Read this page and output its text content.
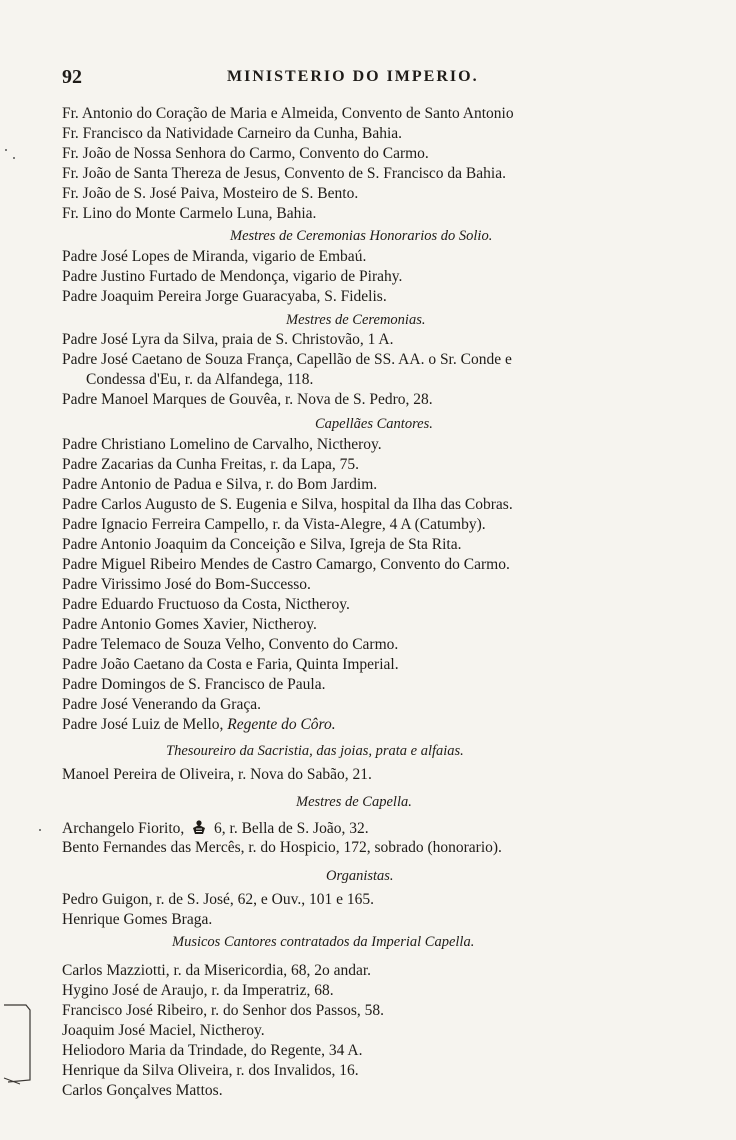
92	MINISTERIO DO IMPERIO.
Fr. Antonio do Coração de Maria e Almeida, Convento de Santo Antonio
Fr. Francisco da Natividade Carneiro da Cunha, Bahia.
Fr. João de Nossa Senhora do Carmo, Convento do Carmo.
Fr. João de Santa Thereza de Jesus, Convento de S. Francisco da Bahia.
Fr. João de S. José Paiva, Mosteiro de S. Bento.
Fr. Lino do Monte Carmelo Luna, Bahia.
Mestres de Ceremonias Honorarios do Solio.
Padre José Lopes de Miranda, vigario de Embaú.
Padre Justino Furtado de Mendonça, vigario de Pirahy.
Padre Joaquim Pereira Jorge Guaracyaba, S. Fidelis.
Mestres de Ceremonias.
Padre José Lyra da Silva, praia de S. Christovão, 1 A.
Padre José Caetano de Souza França, Capellão de SS. AA. o Sr. Conde e
Condessa d'Eu, r. da Alfandega, 118.
Padre Manoel Marques de Gouvêa, r. Nova de S. Pedro, 28.
Capellães Cantores.
Padre Christiano Lomelino de Carvalho, Nictheroy.
Padre Zacarias da Cunha Freitas, r. da Lapa, 75.
Padre Antonio de Padua e Silva, r. do Bom Jardim.
Padre Carlos Augusto de S. Eugenia e Silva, hospital da Ilha das Cobras.
Padre Ignacio Ferreira Campello, r. da Vista-Alegre, 4 A (Catumby).
Padre Antonio Joaquim da Conceição e Silva, Igreja de Sta Rita.
Padre Miguel Ribeiro Mendes de Castro Camargo, Convento do Carmo.
Padre Virissimo José do Bom-Successo.
Padre Eduardo Fructuoso da Costa, Nictheroy.
Padre Antonio Gomes Xavier, Nictheroy.
Padre Telemaco de Souza Velho, Convento do Carmo.
Padre João Caetano da Costa e Faria, Quinta Imperial.
Padre Domingos de S. Francisco de Paula.
Padre José Venerando da Graça.
Padre José Luiz de Mello, Regente do Côro.
Thesoureiro da Sacristia, das joias, prata e alfaias.
Manoel Pereira de Oliveira, r. Nova do Sabão, 21.
Mestres de Capella.
Archangelo Fiorito, 6, r. Bella de S. João, 32.
Bento Fernandes das Mercês, r. do Hospicio, 172, sobrado (honorario).
Organistas.
Pedro Guigon, r. de S. José, 62, e Ouv., 101 e 165.
Henrique Gomes Braga.
Musicos Cantores contratados da Imperial Capella.
Carlos Mazziotti, r. da Misericordia, 68, 2o andar.
Hygino José de Araujo, r. da Imperatriz, 68.
Francisco José Ribeiro, r. do Senhor dos Passos, 58.
Joaquim José Maciel, Nictheroy.
Heliodoro Maria da Trindade, do Regente, 34 A.
Henrique da Silva Oliveira, r. dos Invalidos, 16.
Carlos Gonçalves Mattos.
